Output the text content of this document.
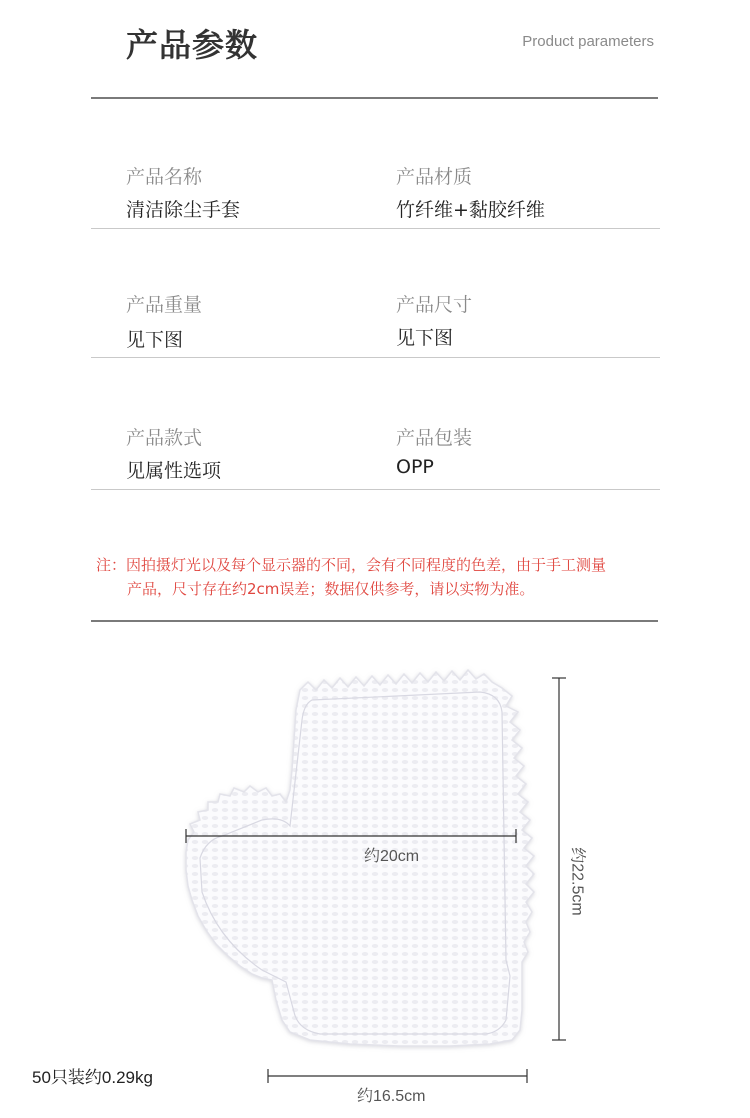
产品参数	Product parameters
产品名称
清洁除尘手套
产品材质
竹纤维+黏胶纤维
产品重量
见下图
产品尺寸
见下图
产品款式
见属性选项
产品包装
OPP
注：因拍摄灯光以及每个显示器的不同，会有不同程度的色差，由于手工测量
产品，尺寸存在约2cm误差；数据仅供参考，请以实物为准。
约20cm	约22.5cm
约16.5cm
50只装约0.29kg
